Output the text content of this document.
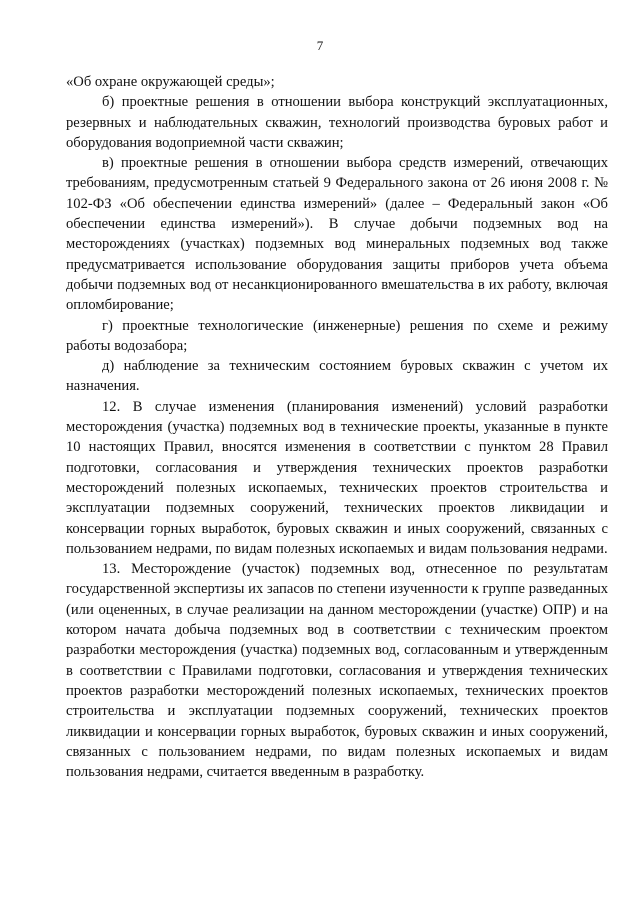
7

«Об охране окружающей среды»;

б) проектные решения в отношении выбора конструкций эксплуатационных, резервных и наблюдательных скважин, технологий производства буровых работ и оборудования водоприемной части скважин;

в) проектные решения в отношении выбора средств измерений, отвечающих требованиям, предусмотренным статьей 9 Федерального закона от 26 июня 2008 г. № 102-ФЗ «Об обеспечении единства измерений» (далее – Федеральный закон «Об обеспечении единства измерений»). В случае добычи подземных вод на месторождениях (участках) подземных вод минеральных подземных вод также предусматривается использование оборудования защиты приборов учета объема добычи подземных вод от несанкционированного вмешательства в их работу, включая опломбирование;

г) проектные технологические (инженерные) решения по схеме и режиму работы водозабора;

д) наблюдение за техническим состоянием буровых скважин с учетом их назначения.

12. В случае изменения (планирования изменений) условий разработки месторождения (участка) подземных вод в технические проекты, указанные в пункте 10 настоящих Правил, вносятся изменения в соответствии с пунктом 28 Правил подготовки, согласования и утверждения технических проектов разработки месторождений полезных ископаемых, технических проектов строительства и эксплуатации подземных сооружений, технических проектов ликвидации и консервации горных выработок, буровых скважин и иных сооружений, связанных с пользованием недрами, по видам полезных ископаемых и видам пользования недрами.

13. Месторождение (участок) подземных вод, отнесенное по результатам государственной экспертизы их запасов по степени изученности к группе разведанных (или оцененных, в случае реализации на данном месторождении (участке) ОПР) и на котором начата добыча подземных вод в соответствии с техническим проектом разработки месторождения (участка) подземных вод, согласованным и утвержденным в соответствии с Правилами подготовки, согласования и утверждения технических проектов разработки месторождений полезных ископаемых, технических проектов строительства и эксплуатации подземных сооружений, технических проектов ликвидации и консервации горных выработок, буровых скважин и иных сооружений, связанных с пользованием недрами, по видам полезных ископаемых и видам пользования недрами, считается введенным в разработку.
